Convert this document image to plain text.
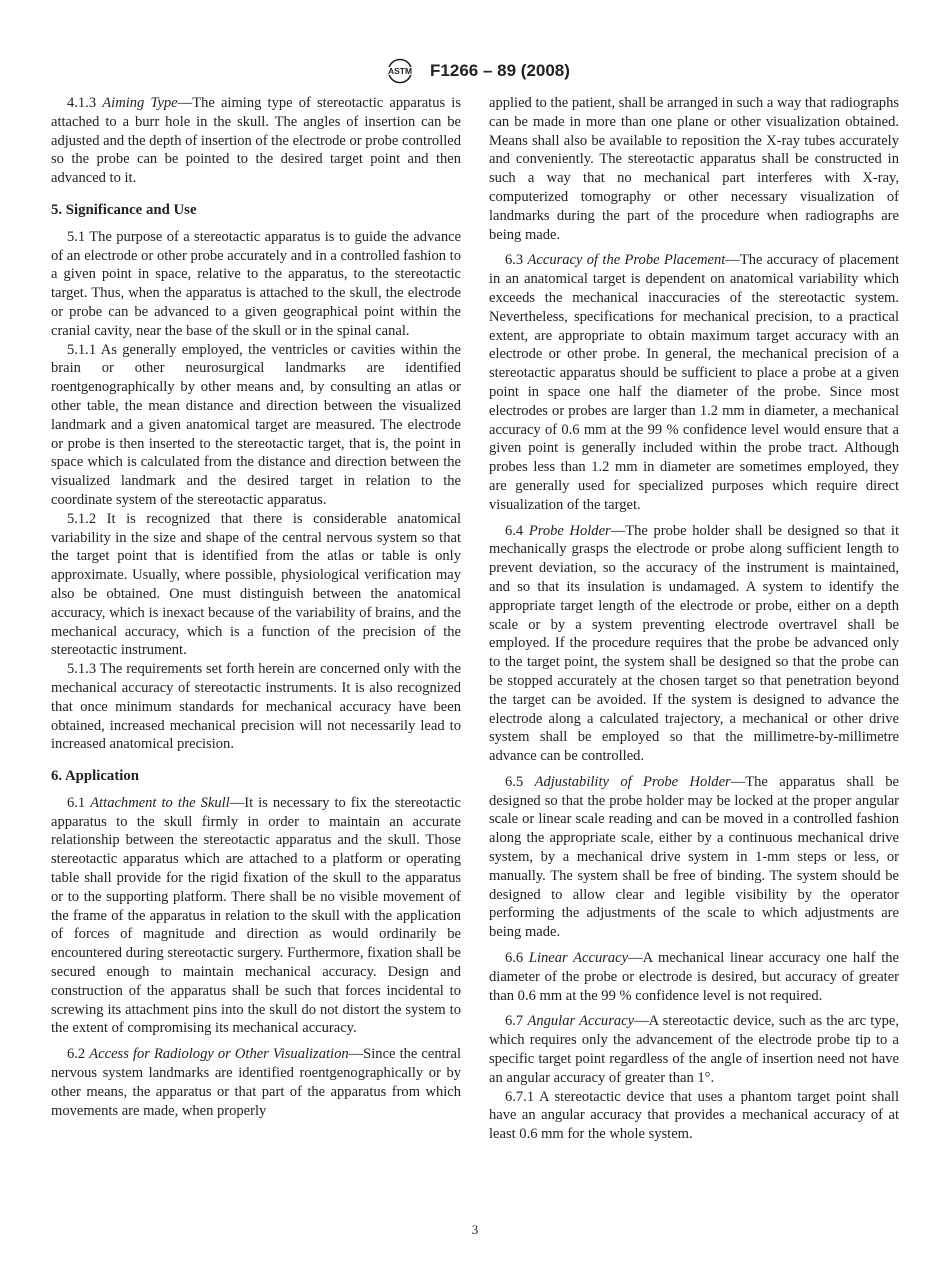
ASTM F1266 – 89 (2008)

4.1.3 Aiming Type—The aiming type of stereotactic apparatus is attached to a burr hole in the skull. The angles of insertion can be adjusted and the depth of insertion of the electrode or probe controlled so the probe can be pointed to the desired target point and then advanced to it.

5. Significance and Use

5.1 The purpose of a stereotactic apparatus is to guide the advance of an electrode or other probe accurately and in a controlled fashion to a given point in space, relative to the apparatus, to the stereotactic target. Thus, when the apparatus is attached to the skull, the electrode or probe can be advanced to a given geographical point within the cranial cavity, near the base of the skull or in the spinal canal.

5.1.1 As generally employed, the ventricles or cavities within the brain or other neurosurgical landmarks are identified roentgenographically by other means and, by consulting an atlas or other table, the mean distance and direction between the visualized landmark and a given anatomical target are measured. The electrode or probe is then inserted to the stereotactic target, that is, the point in space which is calculated from the distance and direction between the visualized landmark and the desired target in relation to the coordinate system of the stereotactic apparatus.

5.1.2 It is recognized that there is considerable anatomical variability in the size and shape of the central nervous system so that the target point that is identified from the atlas or table is only approximate. Usually, where possible, physiological verification may also be obtained. One must distinguish between the anatomical accuracy, which is inexact because of the variability of brains, and the mechanical accuracy, which is a function of the precision of the stereotactic instrument.

5.1.3 The requirements set forth herein are concerned only with the mechanical accuracy of stereotactic instruments. It is also recognized that once minimum standards for mechanical accuracy have been obtained, increased mechanical precision will not necessarily lead to increased anatomical precision.

6. Application

6.1 Attachment to the Skull—It is necessary to fix the stereotactic apparatus to the skull firmly in order to maintain an accurate relationship between the stereotactic apparatus and the skull. Those stereotactic apparatus which are attached to a platform or operating table shall provide for the rigid fixation of the skull to the apparatus or to the supporting platform. There shall be no visible movement of the frame of the apparatus in relation to the skull with the application of forces of magnitude and direction as would ordinarily be encountered during stereotactic surgery. Furthermore, fixation shall be secured enough to maintain mechanical accuracy. Design and construction of the apparatus shall be such that forces incidental to screwing its attachment pins into the skull do not distort the system to the extent of compromising its mechanical accuracy.

6.2 Access for Radiology or Other Visualization—Since the central nervous system landmarks are identified roentgenographically or by other means, the apparatus or that part of the apparatus from which movements are made, when properly

applied to the patient, shall be arranged in such a way that radiographs can be made in more than one plane or other visualization obtained. Means shall also be available to reposition the X-ray tubes accurately and conveniently. The stereotactic apparatus shall be constructed in such a way that no mechanical part interferes with X-ray, computerized tomography or other necessary visualization of landmarks during the part of the procedure when radiographs are being made.

6.3 Accuracy of the Probe Placement—The accuracy of placement in an anatomical target is dependent on anatomical variability which exceeds the mechanical inaccuracies of the stereotactic system. Nevertheless, specifications for mechanical precision, to a practical extent, are appropriate to obtain maximum target accuracy with an electrode or other probe. In general, the mechanical precision of a stereotactic apparatus should be sufficient to place a probe at a given point in space one half the diameter of the probe. Since most electrodes or probes are larger than 1.2 mm in diameter, a mechanical accuracy of 0.6 mm at the 99 % confidence level would ensure that a given point is generally included within the probe tract. Although probes less than 1.2 mm in diameter are sometimes employed, they are generally used for specialized purposes which require direct visualization of the target.

6.4 Probe Holder—The probe holder shall be designed so that it mechanically grasps the electrode or probe along sufficient length to prevent deviation, so the accuracy of the instrument is maintained, and so that its insulation is undamaged. A system to identify the appropriate target length of the electrode or probe, either on a depth scale or by a system preventing electrode overtravel shall be employed. If the procedure requires that the probe be advanced only to the target point, the system shall be designed so that the probe can be stopped accurately at the chosen target so that penetration beyond the target can be avoided. If the system is designed to advance the electrode along a calculated trajectory, a mechanical or other drive system shall be employed so that the millimetre-by-millimetre advance can be controlled.

6.5 Adjustability of Probe Holder—The apparatus shall be designed so that the probe holder may be locked at the proper angular scale or linear scale reading and can be moved in a controlled fashion along the appropriate scale, either by a continuous mechanical drive system, by a mechanical drive system in 1-mm steps or less, or manually. The system shall be free of binding. The system should be designed to allow clear and legible visibility by the operator performing the adjustments of the scale to which adjustments are being made.

6.6 Linear Accuracy—A mechanical linear accuracy one half the diameter of the probe or electrode is desired, but accuracy of greater than 0.6 mm at the 99 % confidence level is not required.

6.7 Angular Accuracy—A stereotactic device, such as the arc type, which requires only the advancement of the electrode probe tip to a specific target point regardless of the angle of insertion need not have an angular accuracy of greater than 1°.

6.7.1 A stereotactic device that uses a phantom target point shall have an angular accuracy that provides a mechanical accuracy of at least 0.6 mm for the whole system.

3
